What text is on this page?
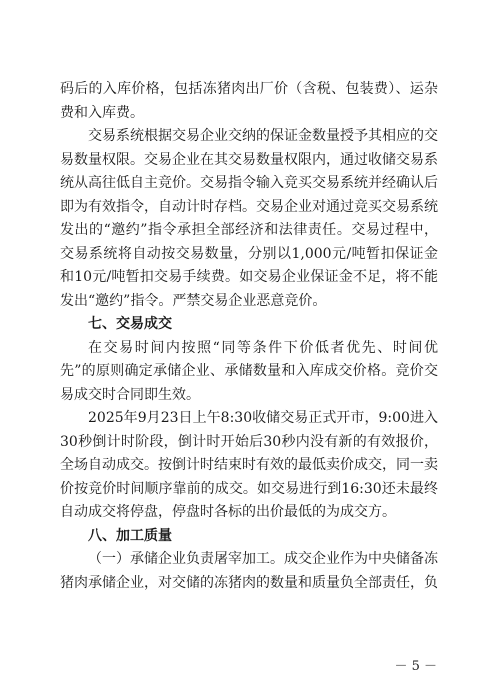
码后的入库价格，包括冻猪肉出厂价（含税、包装费）、运杂费和入库费。

交易系统根据交易企业交纳的保证金数量授予其相应的交易数量权限。交易企业在其交易数量权限内，通过收储交易系统从高往低自主竞价。交易指令输入竞买交易系统并经确认后即为有效指令，自动计时存档。交易企业对通过竞买交易系统发出的“邀约”指令承担全部经济和法律责任。交易过程中，交易系统将自动按交易数量，分别以1,000元/吨暂扣保证金和10元/吨暂扣交易手续费。如交易企业保证金不足，将不能发出“邀约”指令。严禁交易企业恶意竞价。

七、交易成交

在交易时间内按照“同等条件下价低者优先、时间优先”的原则确定承储企业、承储数量和入库成交价格。竞价交易成交时合同即生效。

2025年9月23日上午8:30收储交易正式开市，9:00进入30秒倒计时阶段，倒计时开始后30秒内没有新的有效报价，全场自动成交。按倒计时结束时有效的最低卖价成交，同一卖价按竞价时间顺序靠前的成交。如交易进行到16:30还未最终自动成交将停盘，停盘时各标的出价最低的为成交方。

八、加工质量

（一）承储企业负责屠宰加工。成交企业作为中央储备冻猪肉承储企业，对交储的冻猪肉的数量和质量负全部责任，负

－ 5 －
